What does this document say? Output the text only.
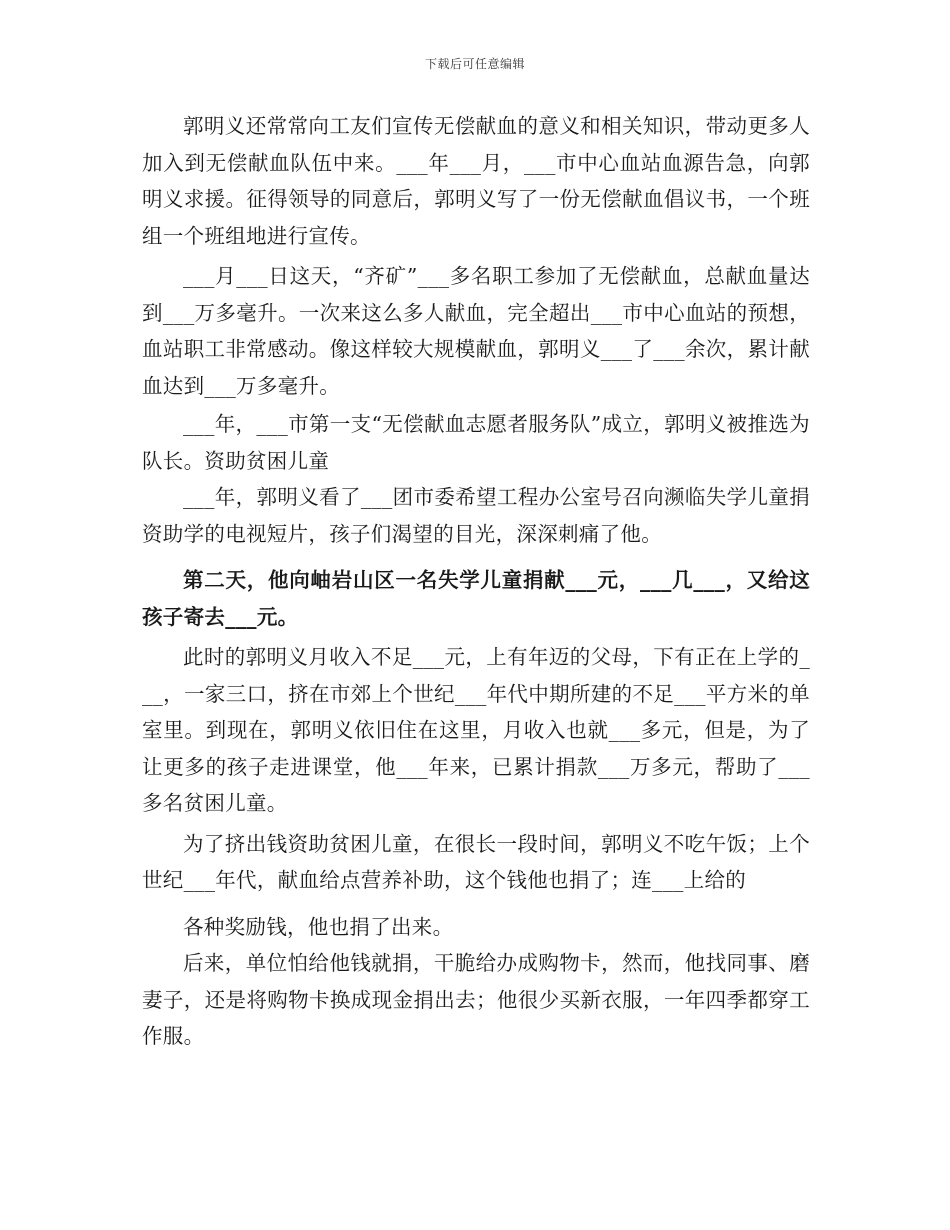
下载后可任意编辑

郭明义还常常向工友们宣传无偿献血的意义和相关知识，带动更多人加入到无偿献血队伍中来。___年___月，___市中心血站血源告急，向郭明义求援。征得领导的同意后，郭明义写了一份无偿献血倡议书，一个班组一个班组地进行宣传。

___月___日这天，“齐矿”___多名职工参加了无偿献血，总献血量达到___万多毫升。一次来这么多人献血，完全超出___市中心血站的预想，血站职工非常感动。像这样较大规模献血，郭明义___了___余次，累计献血达到___万多毫升。

___年，___市第一支“无偿献血志愿者服务队”成立，郭明义被推选为队长。资助贫困儿童

___年，郭明义看了___团市委希望工程办公室号召向濒临失学儿童捐资助学的电视短片，孩子们渴望的目光，深深刺痛了他。

第二天，他向岫岩山区一名失学儿童捐献___元，___几___，又给这孩子寄去___元。

此时的郭明义月收入不足___元，上有年迈的父母，下有正在上学的___，一家三口，挤在市郊上个世纪___年代中期所建的不足___平方米的单室里。到现在，郭明义依旧住在这里，月收入也就___多元，但是，为了让更多的孩子走进课堂，他___年来，已累计捐款___万多元，帮助了___多名贫困儿童。

为了挤出钱资助贫困儿童，在很长一段时间，郭明义不吃午饭；上个世纪___年代，献血给点营养补助，这个钱他也捐了；连___上给的

各种奖励钱，他也捐了出来。

后来，单位怕给他钱就捐，干脆给办成购物卡，然而，他找同事、磨妻子，还是将购物卡换成现金捐出去；他很少买新衣服，一年四季都穿工作服。
